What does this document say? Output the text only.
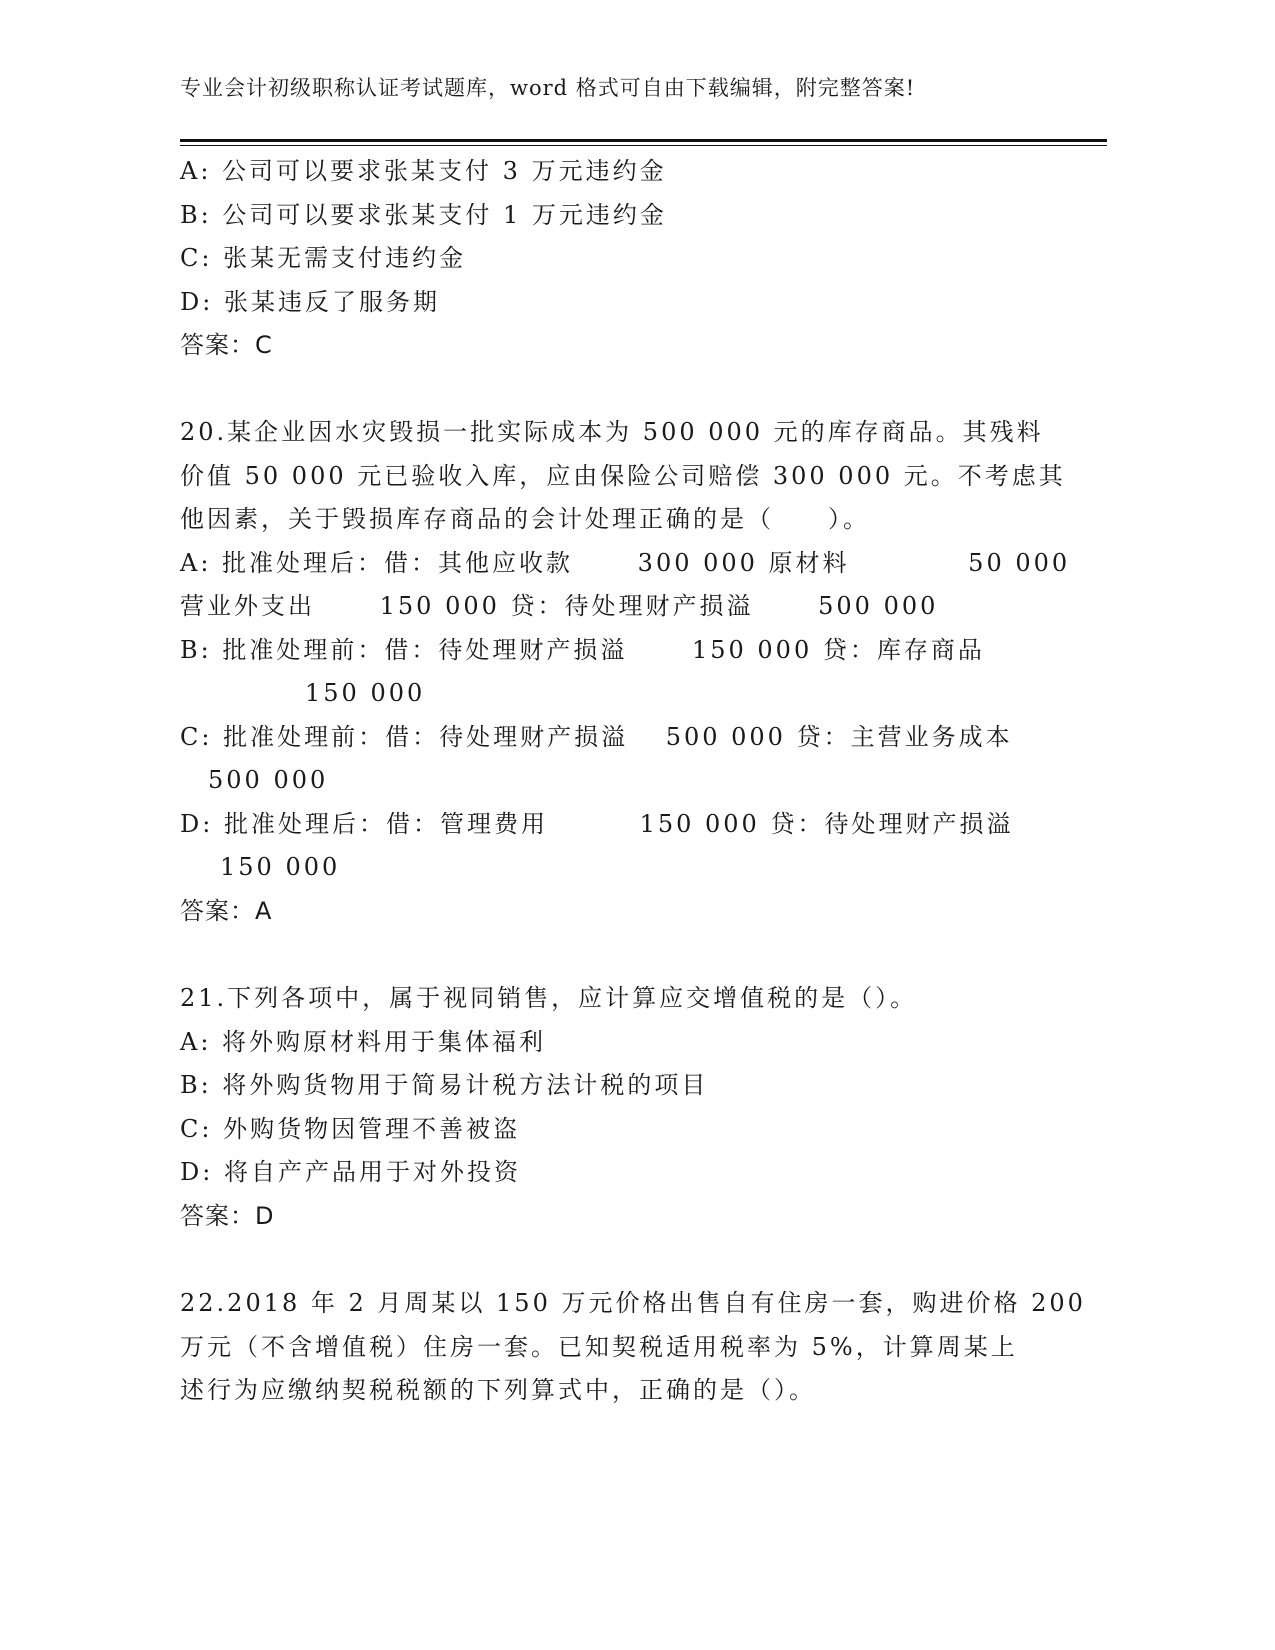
专业会计初级职称认证考试题库，word 格式可自由下载编辑，附完整答案!
A: 公司可以要求张某支付 3 万元违约金
B: 公司可以要求张某支付 1 万元违约金
C: 张某无需支付违约金
D: 张某违反了服务期
答案：C
20.某企业因水灾毁损一批实际成本为 500 000 元的库存商品。其残料
价值 50 000 元已验收入库，应由保险公司赔偿 300 000 元。不考虑其
他因素，关于毁损库存商品的会计处理正确的是（　　）。
A: 批准处理后：借：其他应收款　　 300 000 原材料　　　　 50 000
营业外支出　　 150 000 贷：待处理财产损溢　　 500 000
B: 批准处理前：借：待处理财产损溢　　 150 000 贷：库存商品
150 000
C: 批准处理前：借：待处理财产损溢　 500 000 贷：主营业务成本
500 000
D: 批准处理后：借：管理费用　　　 150 000 贷：待处理财产损溢
150 000
答案：A
21.下列各项中，属于视同销售，应计算应交增值税的是（）。
A: 将外购原材料用于集体福利
B: 将外购货物用于简易计税方法计税的项目
C: 外购货物因管理不善被盗
D: 将自产产品用于对外投资
答案：D
22.2018 年 2 月周某以 150 万元价格出售自有住房一套，购进价格 200
万元（不含增值税）住房一套。已知契税适用税率为 5%，计算周某上
述行为应缴纳契税税额的下列算式中，正确的是（）。
